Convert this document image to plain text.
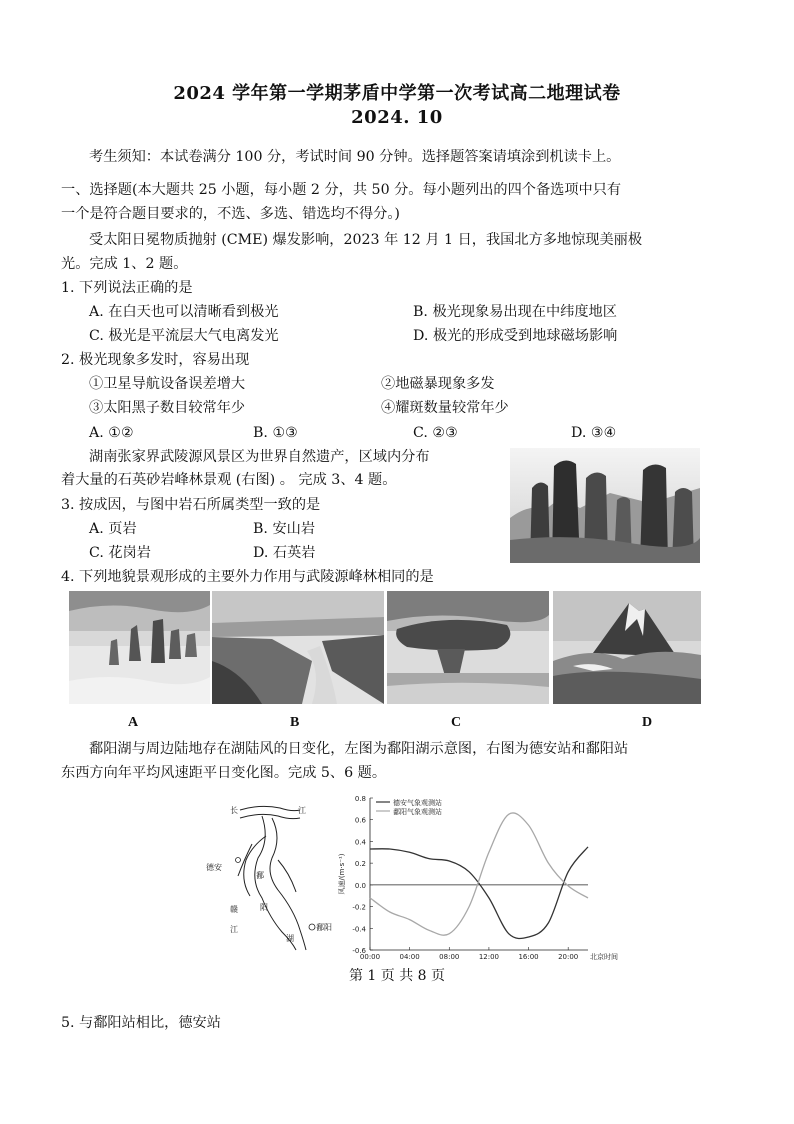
2024 学年第一学期茅盾中学第一次考试高二地理试卷
2024. 10
考生须知：本试卷满分 100 分，考试时间 90 分钟。选择题答案请填涂到机读卡上。
一、选择题(本大题共 25 小题，每小题 2 分，共 50 分。每小题列出的四个备选项中只有
一个是符合题目要求的，不选、多选、错选均不得分。)
受太阳日冕物质抛射 (CME) 爆发影响，2023 年 12 月 1 日，我国北方多地惊现美丽极
光。完成 1、2 题。
1. 下列说法正确的是
A. 在白天也可以清晰看到极光	B. 极光现象易出现在中纬度地区
C. 极光是平流层大气电离发光	D. 极光的形成受到地球磁场影响
2. 极光现象多发时，容易出现
①卫星导航设备误差增大	②地磁暴现象多发
③太阳黑子数目较常年少	④耀斑数量较常年少
A. ①②	B. ①③	C. ②③	D. ③④
湖南张家界武陵源风景区为世界自然遗产，区域内分布
着大量的石英砂岩峰林景观 (右图) 。 完成 3、4 题。
3. 按成因，与图中岩石所属类型一致的是
A. 页岩	B. 安山岩
C. 花岗岩	D. 石英岩
4. 下列地貌景观形成的主要外力作用与武陵源峰林相同的是
A	B	C	D
鄱阳湖与周边陆地存在湖陆风的日变化，左图为鄱阳湖示意图，右图为德安站和鄱阳站
东西方向年平均风速距平日变化图。完成 5、6 题。
长	江
德安
鄱
阳
赣
江
湖
鄱阳
0.8
0.6
0.4
0.2
0.0
-0.2
-0.4
-0.6
00:00	04:00	08:00	12:00	16:00	20:00 北京时间
风速/(m·s⁻¹)
德安气象观测站
鄱阳气象观测站
第 1 页 共 8 页
5. 与鄱阳站相比，德安站
